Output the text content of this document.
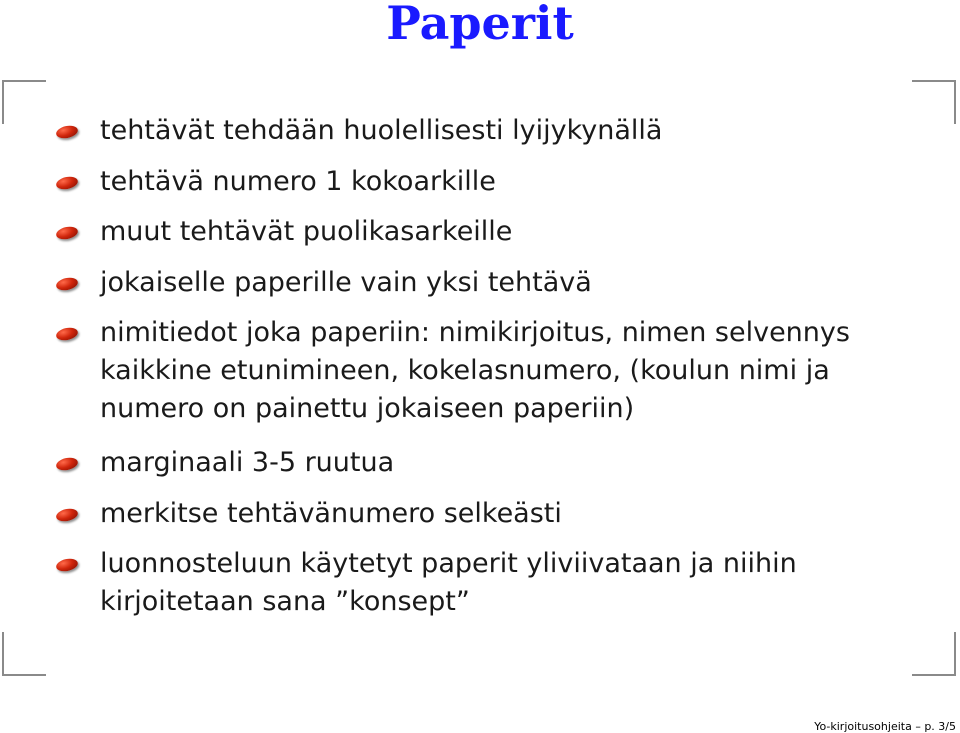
Paperit
tehtävät tehdään huolellisesti lyijykynällä
tehtävä numero 1 kokoarkille
muut tehtävät puolikasarkeille
jokaiselle paperille vain yksi tehtävä
nimitiedot joka paperiin: nimikirjoitus, nimen selvennys
kaikkine etunimineen, kokelasnumero, (koulun nimi ja
numero on painettu jokaiseen paperiin)
marginaali 3-5 ruutua
merkitse tehtävänumero selkeästi
luonnosteluun käytetyt paperit yliviivataan ja niihin
kirjoitetaan sana ”konsept”
Yo-kirjoitusohjeita – p. 3/5
